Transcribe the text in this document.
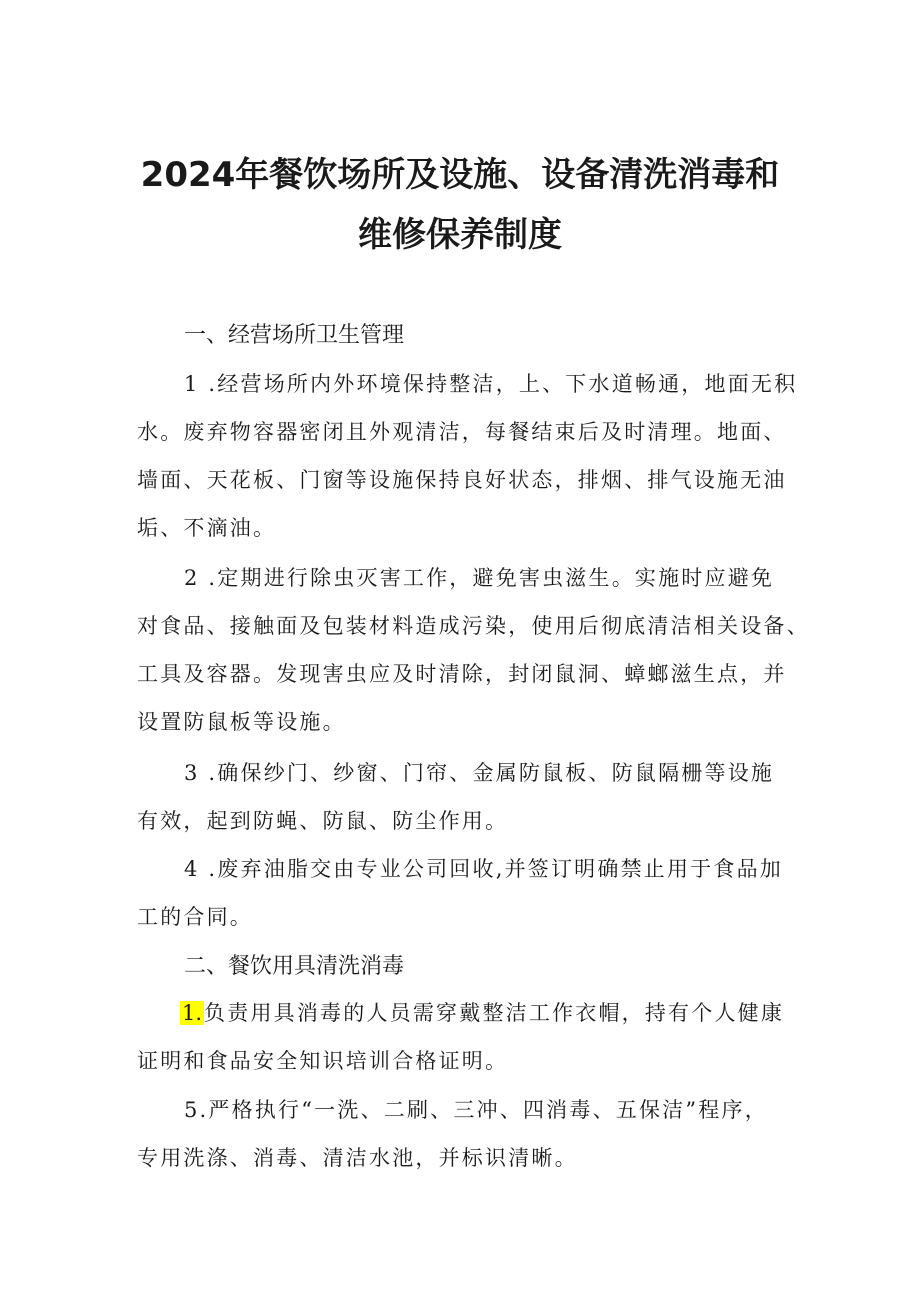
2024年餐饮场所及设施、设备清洗消毒和
维修保养制度
一、经营场所卫生管理
1 .经营场所内外环境保持整洁，上、下水道畅通，地面无积
水。废弃物容器密闭且外观清洁，每餐结束后及时清理。地面、
墙面、天花板、门窗等设施保持良好状态，排烟、排气设施无油
垢、不滴油。
2 .定期进行除虫灭害工作，避免害虫滋生。实施时应避免
对食品、接触面及包装材料造成污染，使用后彻底清洁相关设备、
工具及容器。发现害虫应及时清除，封闭鼠洞、蟑螂滋生点，并
设置防鼠板等设施。
3 .确保纱门、纱窗、门帘、金属防鼠板、防鼠隔栅等设施
有效，起到防蝇、防鼠、防尘作用。
4 .废弃油脂交由专业公司回收,并签订明确禁止用于食品加
工的合同。
二、餐饮用具清洗消毒
1.负责用具消毒的人员需穿戴整洁工作衣帽，持有个人健康
证明和食品安全知识培训合格证明。
5.严格执行“一洗、二刷、三冲、四消毒、五保洁”程序，
专用洗涤、消毒、清洁水池，并标识清晰。
